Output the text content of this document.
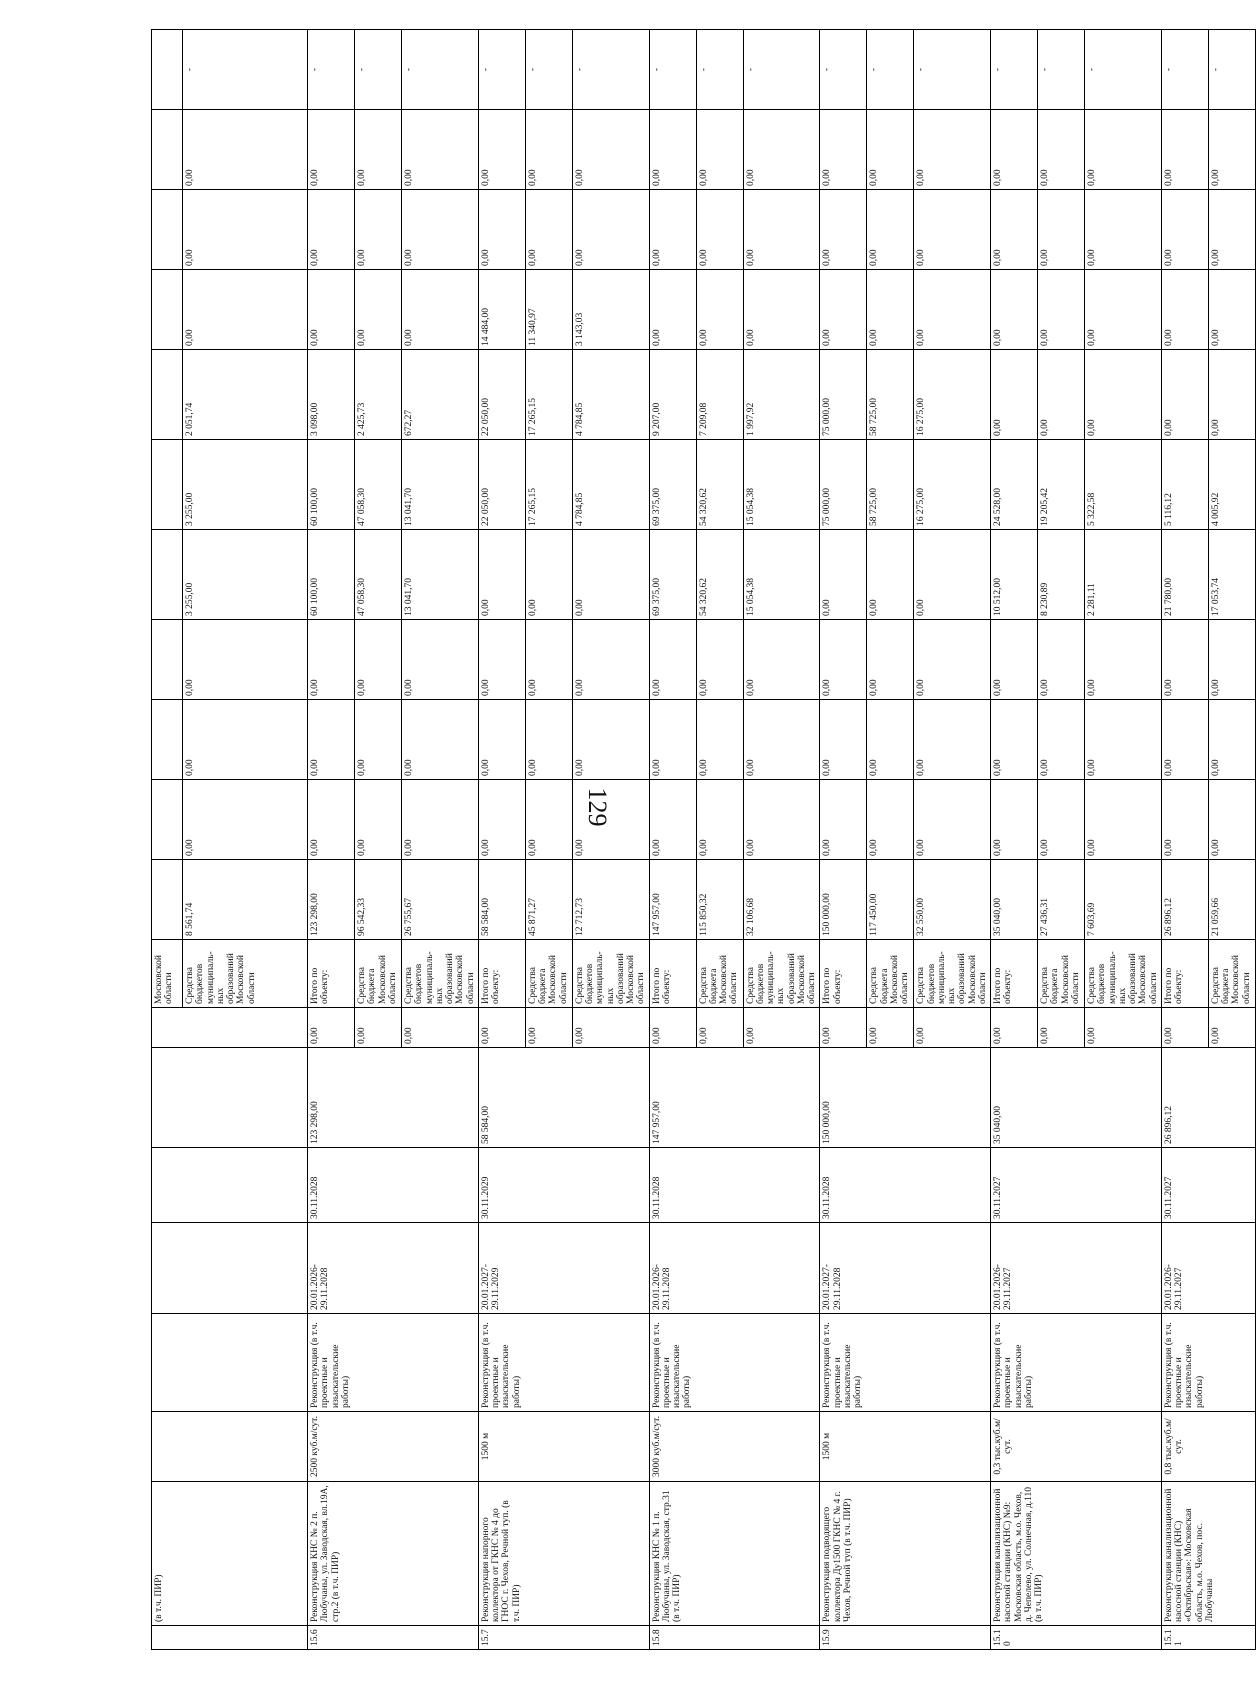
129
	(в т.ч. ПИР)							Московской области											
								Средства бюджетов муниципаль-ных образований Московской области	8 561,74	0,00	0,00	0,00	3 255,00	3 255,00	2 051,74	0,00	0,00	0,00	-
15.6	Реконструкция КНС № 2 п. Любучаны, ул. Заводская, вл.19А, стр.2 (в т.ч. ПИР)	2500 куб.м/сут.	Реконструкция (в т.ч. проектные и изыскательские работы)	20.01.2026-29.11.2028	30.11.2028	123 298,00	0,00	Итого по объекту:	123 298,00	0,00	0,00	0,00	60 100,00	60 100,00	3 098,00	0,00	0,00	0,00	-
							0,00	Средства бюджета Московской области	96 542,33	0,00	0,00	0,00	47 058,30	47 058,30	2 425,73	0,00	0,00	0,00	-
							0,00	Средства бюджетов муниципаль-ных образований Московской области	26 755,67	0,00	0,00	0,00	13 041,70	13 041,70	672,27	0,00	0,00	0,00	-
15.7	Реконструкция напорного коллектора от ГКНС № 4 до ГНОС г. Чехов, Речной туп. (в т.ч. ПИР)	1500 м	Реконструкция (в т.ч. проектные и изыскательские работы)	20.01.2027-29.11.2029	30.11.2029	58 584,00	0,00	Итого по объекту:	58 584,00	0,00	0,00	0,00	0,00	22 050,00	22 050,00	14 484,00	0,00	0,00	-
							0,00	Средства бюджета Московской области	45 871,27	0,00	0,00	0,00	0,00	17 265,15	17 265,15	11 340,97	0,00	0,00	-
							0,00	Средства бюджетов муниципаль-ных образований Московской области	12 712,73	0,00	0,00	0,00	0,00	4 784,85	4 784,85	3 143,03	0,00	0,00	-
15.8	Реконструкция КНС № 1 п. Любучаны, ул. Заводская, стр.31 (в т.ч. ПИР)	3000 куб.м/сут.	Реконструкция (в т.ч. проектные и изыскательские работы)	20.01.2026-29.11.2028	30.11.2028	147 957,00	0,00	Итого по объекту:	147 957,00	0,00	0,00	0,00	69 375,00	69 375,00	9 207,00	0,00	0,00	0,00	-
							0,00	Средства бюджета Московской области	115 850,32	0,00	0,00	0,00	54 320,62	54 320,62	7 209,08	0,00	0,00	0,00	-
							0,00	Средства бюджетов муниципаль-ных образований Московской области	32 106,68	0,00	0,00	0,00	15 054,38	15 054,38	1 997,92	0,00	0,00	0,00	-
15.9	Реконструкция подводящего коллектора Ду1500 ГКНС № 4 г. Чехов, Речной туп (в т.ч. ПИР)	1500 м	Реконструкция (в т.ч. проектные и изыскательские работы)	20.01.2027-29.11.2028	30.11.2028	150 000,00	0,00	Итого по объекту:	150 000,00	0,00	0,00	0,00	0,00	75 000,00	75 000,00	0,00	0,00	0,00	-
							0,00	Средства бюджета Московской области	117 450,00	0,00	0,00	0,00	0,00	58 725,00	58 725,00	0,00	0,00	0,00	-
							0,00	Средства бюджетов муниципаль-ных образований Московской области	32 550,00	0,00	0,00	0,00	0,00	16 275,00	16 275,00	0,00	0,00	0,00	-
15.10	Реконструкция канализационной насосной станции (КНС) №9: Московская область, м.о. Чехов, д. Чепелево, ул. Солнечная, д.110 (в т.ч. ПИР)	0,3 тыс.куб.м/сут.	Реконструкция (в т.ч. проектные и изыскательские работы)	20.01.2026-29.11.2027	30.11.2027	35 040,00	0,00	Итого по объекту:	35 040,00	0,00	0,00	0,00	10 512,00	24 528,00	0,00	0,00	0,00	0,00	-
							0,00	Средства бюджета Московской области	27 436,31	0,00	0,00	0,00	8 230,89	19 205,42	0,00	0,00	0,00	0,00	-
							0,00	Средства бюджетов муниципаль-ных образований Московской области	7 603,69	0,00	0,00	0,00	2 281,11	5 322,58	0,00	0,00	0,00	0,00	-
15.11	Реконструкция канализационной насосной станции (КНС) «Октябрьская»: Московская область, м.о. Чехов, пос. Любучаны	0,8 тыс.куб.м/сут.	Реконструкция (в т.ч. проектные и изыскательские работы)	20.01.2026-29.11.2027	30.11.2027	26 896,12	0,00	Итого по объекту:	26 896,12	0,00	0,00	0,00	21 780,00	5 116,12	0,00	0,00	0,00	0,00	-
							0,00	Средства бюджета Московской области	21 059,66	0,00	0,00	0,00	17 053,74	4 005,92	0,00	0,00	0,00	0,00	-
